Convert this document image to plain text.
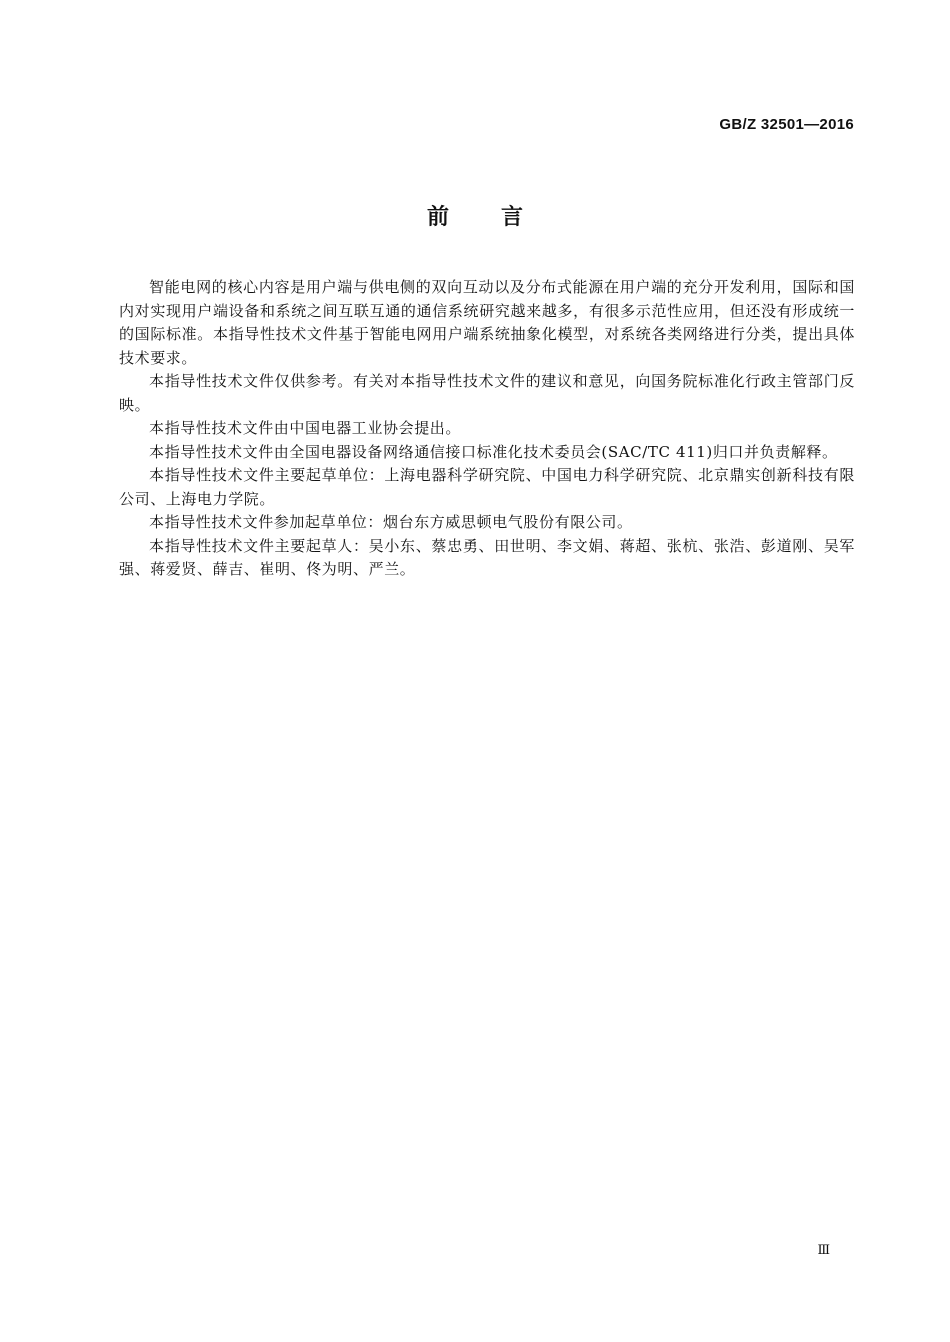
GB/Z 32501—2016
前言

智能电网的核心内容是用户端与供电侧的双向互动以及分布式能源在用户端的充分开发利用，国际和国内对实现用户端设备和系统之间互联互通的通信系统研究越来越多，有很多示范性应用，但还没有形成统一的国际标准。本指导性技术文件基于智能电网用户端系统抽象化模型，对系统各类网络进行分类，提出具体技术要求。

本指导性技术文件仅供参考。有关对本指导性技术文件的建议和意见，向国务院标准化行政主管部门反映。

本指导性技术文件由中国电器工业协会提出。

本指导性技术文件由全国电器设备网络通信接口标准化技术委员会(SAC/TC 411)归口并负责解释。

本指导性技术文件主要起草单位：上海电器科学研究院、中国电力科学研究院、北京鼎实创新科技有限公司、上海电力学院。

本指导性技术文件参加起草单位：烟台东方威思顿电气股份有限公司。

本指导性技术文件主要起草人：吴小东、蔡忠勇、田世明、李文娟、蒋超、张杭、张浩、彭道刚、吴军强、蒋爱贤、薛吉、崔明、佟为明、严兰。

Ⅲ
